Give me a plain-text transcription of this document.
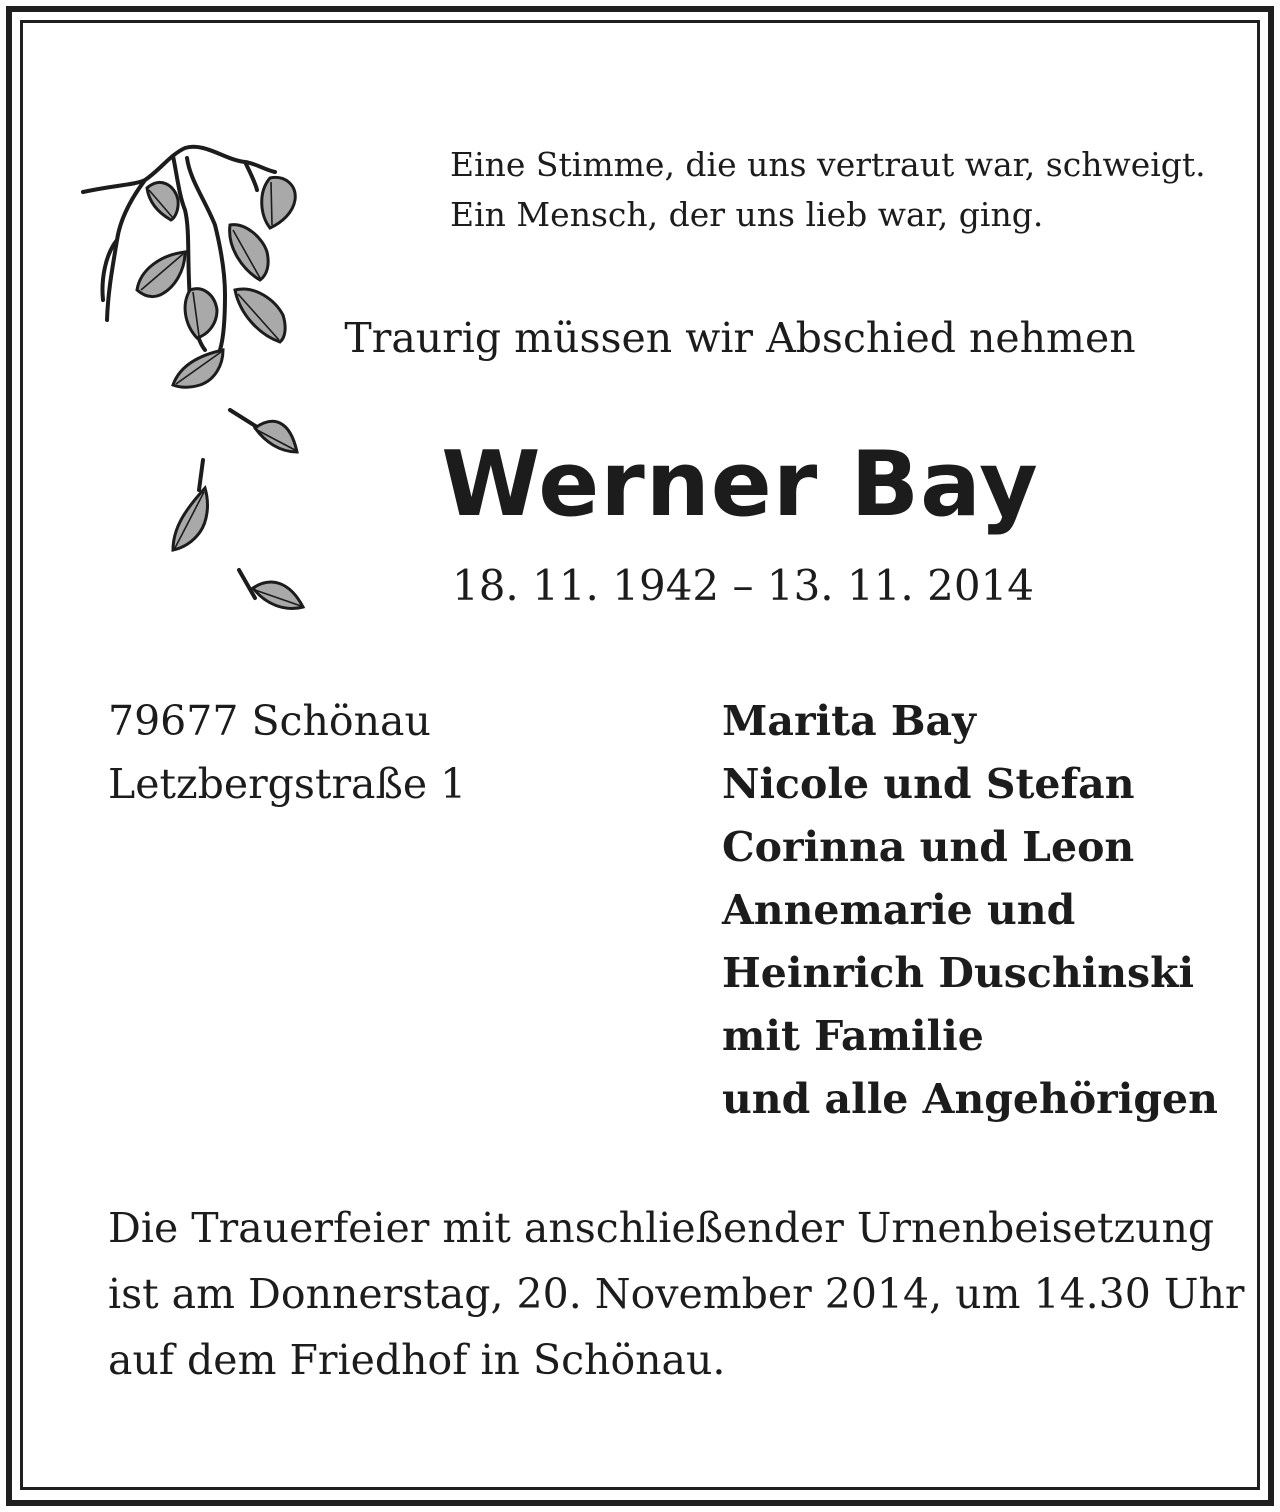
Eine Stimme, die uns vertraut war, schweigt.
Ein Mensch, der uns lieb war, ging.
Traurig müssen wir Abschied nehmen
Werner Bay
18. 11. 1942 – 13. 11. 2014
79677 Schönau
Letzbergstraße 1
Marita Bay
Nicole und Stefan
Corinna und Leon
Annemarie und
Heinrich Duschinski
mit Familie
und alle Angehörigen
Die Trauerfeier mit anschließender Urnenbeisetzung
ist am Donnerstag, 20. November 2014, um 14.30 Uhr
auf dem Friedhof in Schönau.
